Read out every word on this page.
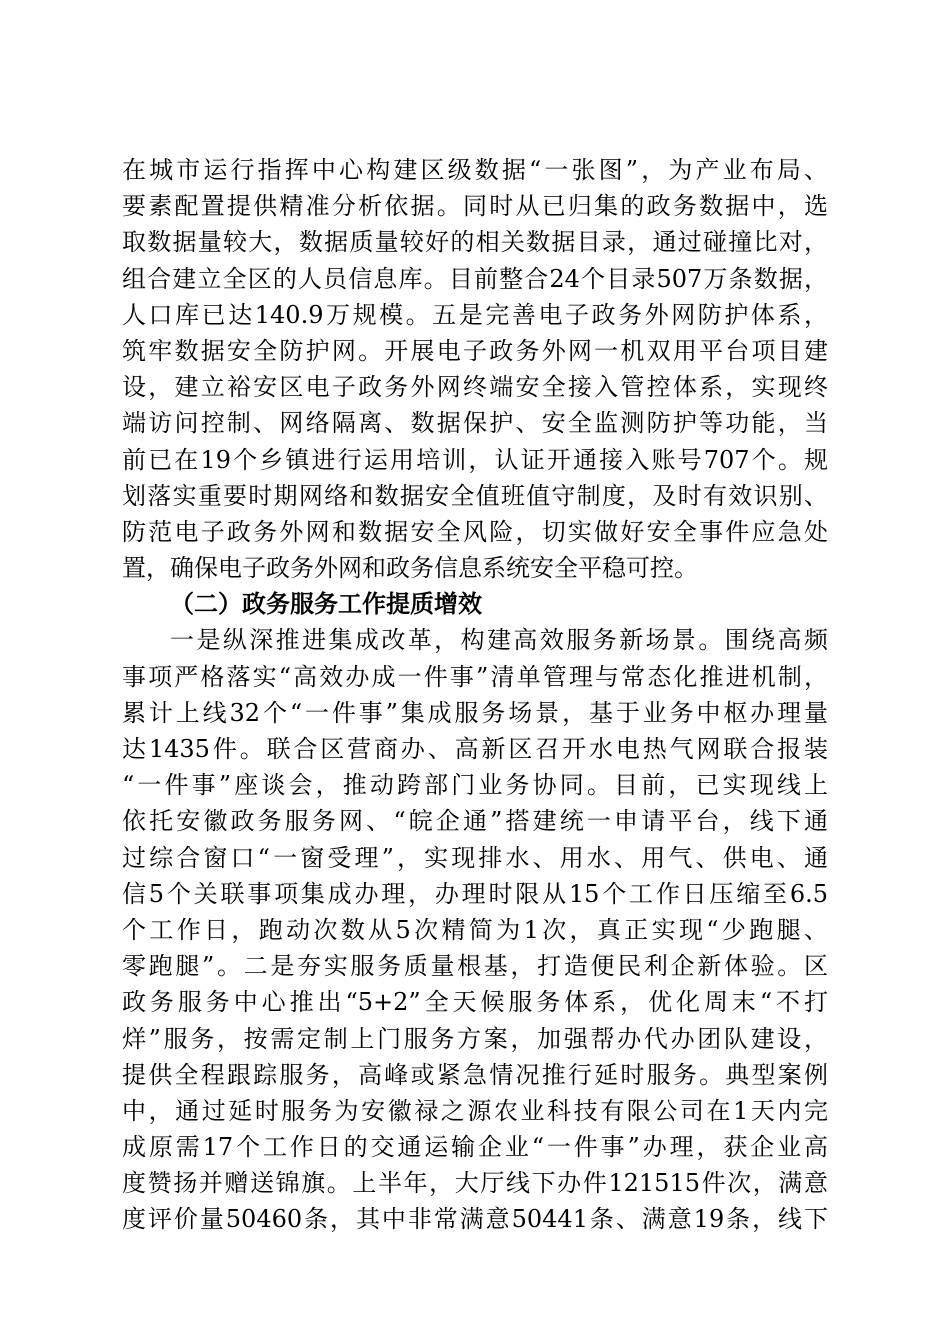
在城市运行指挥中心构建区级数据“一张图”，为产业布局、
要素配置提供精准分析依据。同时从已归集的政务数据中，选
取数据量较大，数据质量较好的相关数据目录，通过碰撞比对，
组合建立全区的人员信息库。目前整合24个目录507万条数据，
人口库已达140.9万规模。五是完善电子政务外网防护体系，
筑牢数据安全防护网。开展电子政务外网一机双用平台项目建
设，建立裕安区电子政务外网终端安全接入管控体系，实现终
端访问控制、网络隔离、数据保护、安全监测防护等功能，当
前已在19个乡镇进行运用培训，认证开通接入账号707个。规
划落实重要时期网络和数据安全值班值守制度，及时有效识别、
防范电子政务外网和数据安全风险，切实做好安全事件应急处
置，确保电子政务外网和政务信息系统安全平稳可控。
（二）政务服务工作提质增效
一是纵深推进集成改革，构建高效服务新场景。围绕高频
事项严格落实“高效办成一件事”清单管理与常态化推进机制，
累计上线32个“一件事”集成服务场景，基于业务中枢办理量
达1435件。联合区营商办、高新区召开水电热气网联合报装
“一件事”座谈会，推动跨部门业务协同。目前，已实现线上
依托安徽政务服务网、“皖企通”搭建统一申请平台，线下通
过综合窗口“一窗受理”，实现排水、用水、用气、供电、通
信5个关联事项集成办理，办理时限从15个工作日压缩至6.5
个工作日，跑动次数从5次精简为1次，真正实现“少跑腿、
零跑腿”。二是夯实服务质量根基，打造便民利企新体验。区
政务服务中心推出“5+2”全天候服务体系，优化周末“不打
烊”服务，按需定制上门服务方案，加强帮办代办团队建设，
提供全程跟踪服务，高峰或紧急情况推行延时服务。典型案例
中，通过延时服务为安徽禄之源农业科技有限公司在1天内完
成原需17个工作日的交通运输企业“一件事”办理，获企业高
度赞扬并赠送锦旗。上半年，大厅线下办件121515件次，满意
度评价量50460条，其中非常满意50441条、满意19条，线下
